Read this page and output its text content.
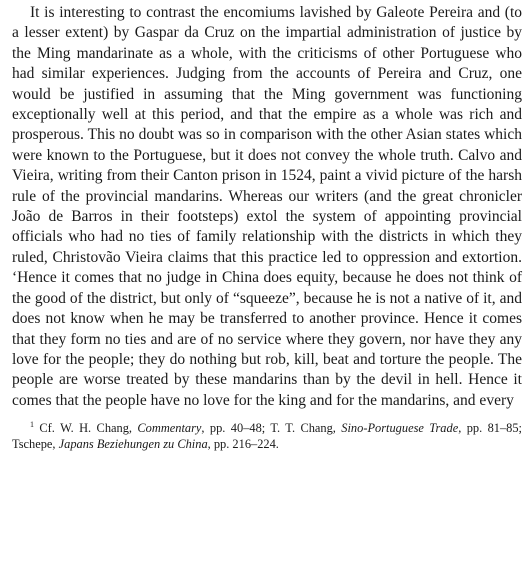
It is interesting to contrast the encomiums lavished by Galeote Pereira and (to a lesser extent) by Gaspar da Cruz on the impartial administration of justice by the Ming mandarinate as a whole, with the criticisms of other Portuguese who had similar experiences. Judging from the accounts of Pereira and Cruz, one would be justified in assuming that the Ming government was functioning exceptionally well at this period, and that the empire as a whole was rich and prosperous. This no doubt was so in comparison with the other Asian states which were known to the Portuguese, but it does not convey the whole truth. Calvo and Vieira, writing from their Canton prison in 1524, paint a vivid picture of the harsh rule of the provincial mandarins. Whereas our writers (and the great chronicler João de Barros in their footsteps) extol the system of appointing provincial officials who had no ties of family relationship with the districts in which they ruled, Christovão Vieira claims that this practice led to oppression and extortion. ‘Hence it comes that no judge in China does equity, because he does not think of the good of the district, but only of “squeeze”, because he is not a native of it, and does not know when he may be transferred to another province. Hence it comes that they form no ties and are of no service where they govern, nor have they any love for the people; they do nothing but rob, kill, beat and torture the people. The people are worse treated by these mandarins than by the devil in hell. Hence it comes that the people have no love for the king and for the mandarins, and every

$^1$ Cf. W. H. Chang, Commentary, pp. 40–48; T. T. Chang, Sino-Portuguese Trade, pp. 81–85; Tschepe, Japans Beziehungen zu China, pp. 216–224.
